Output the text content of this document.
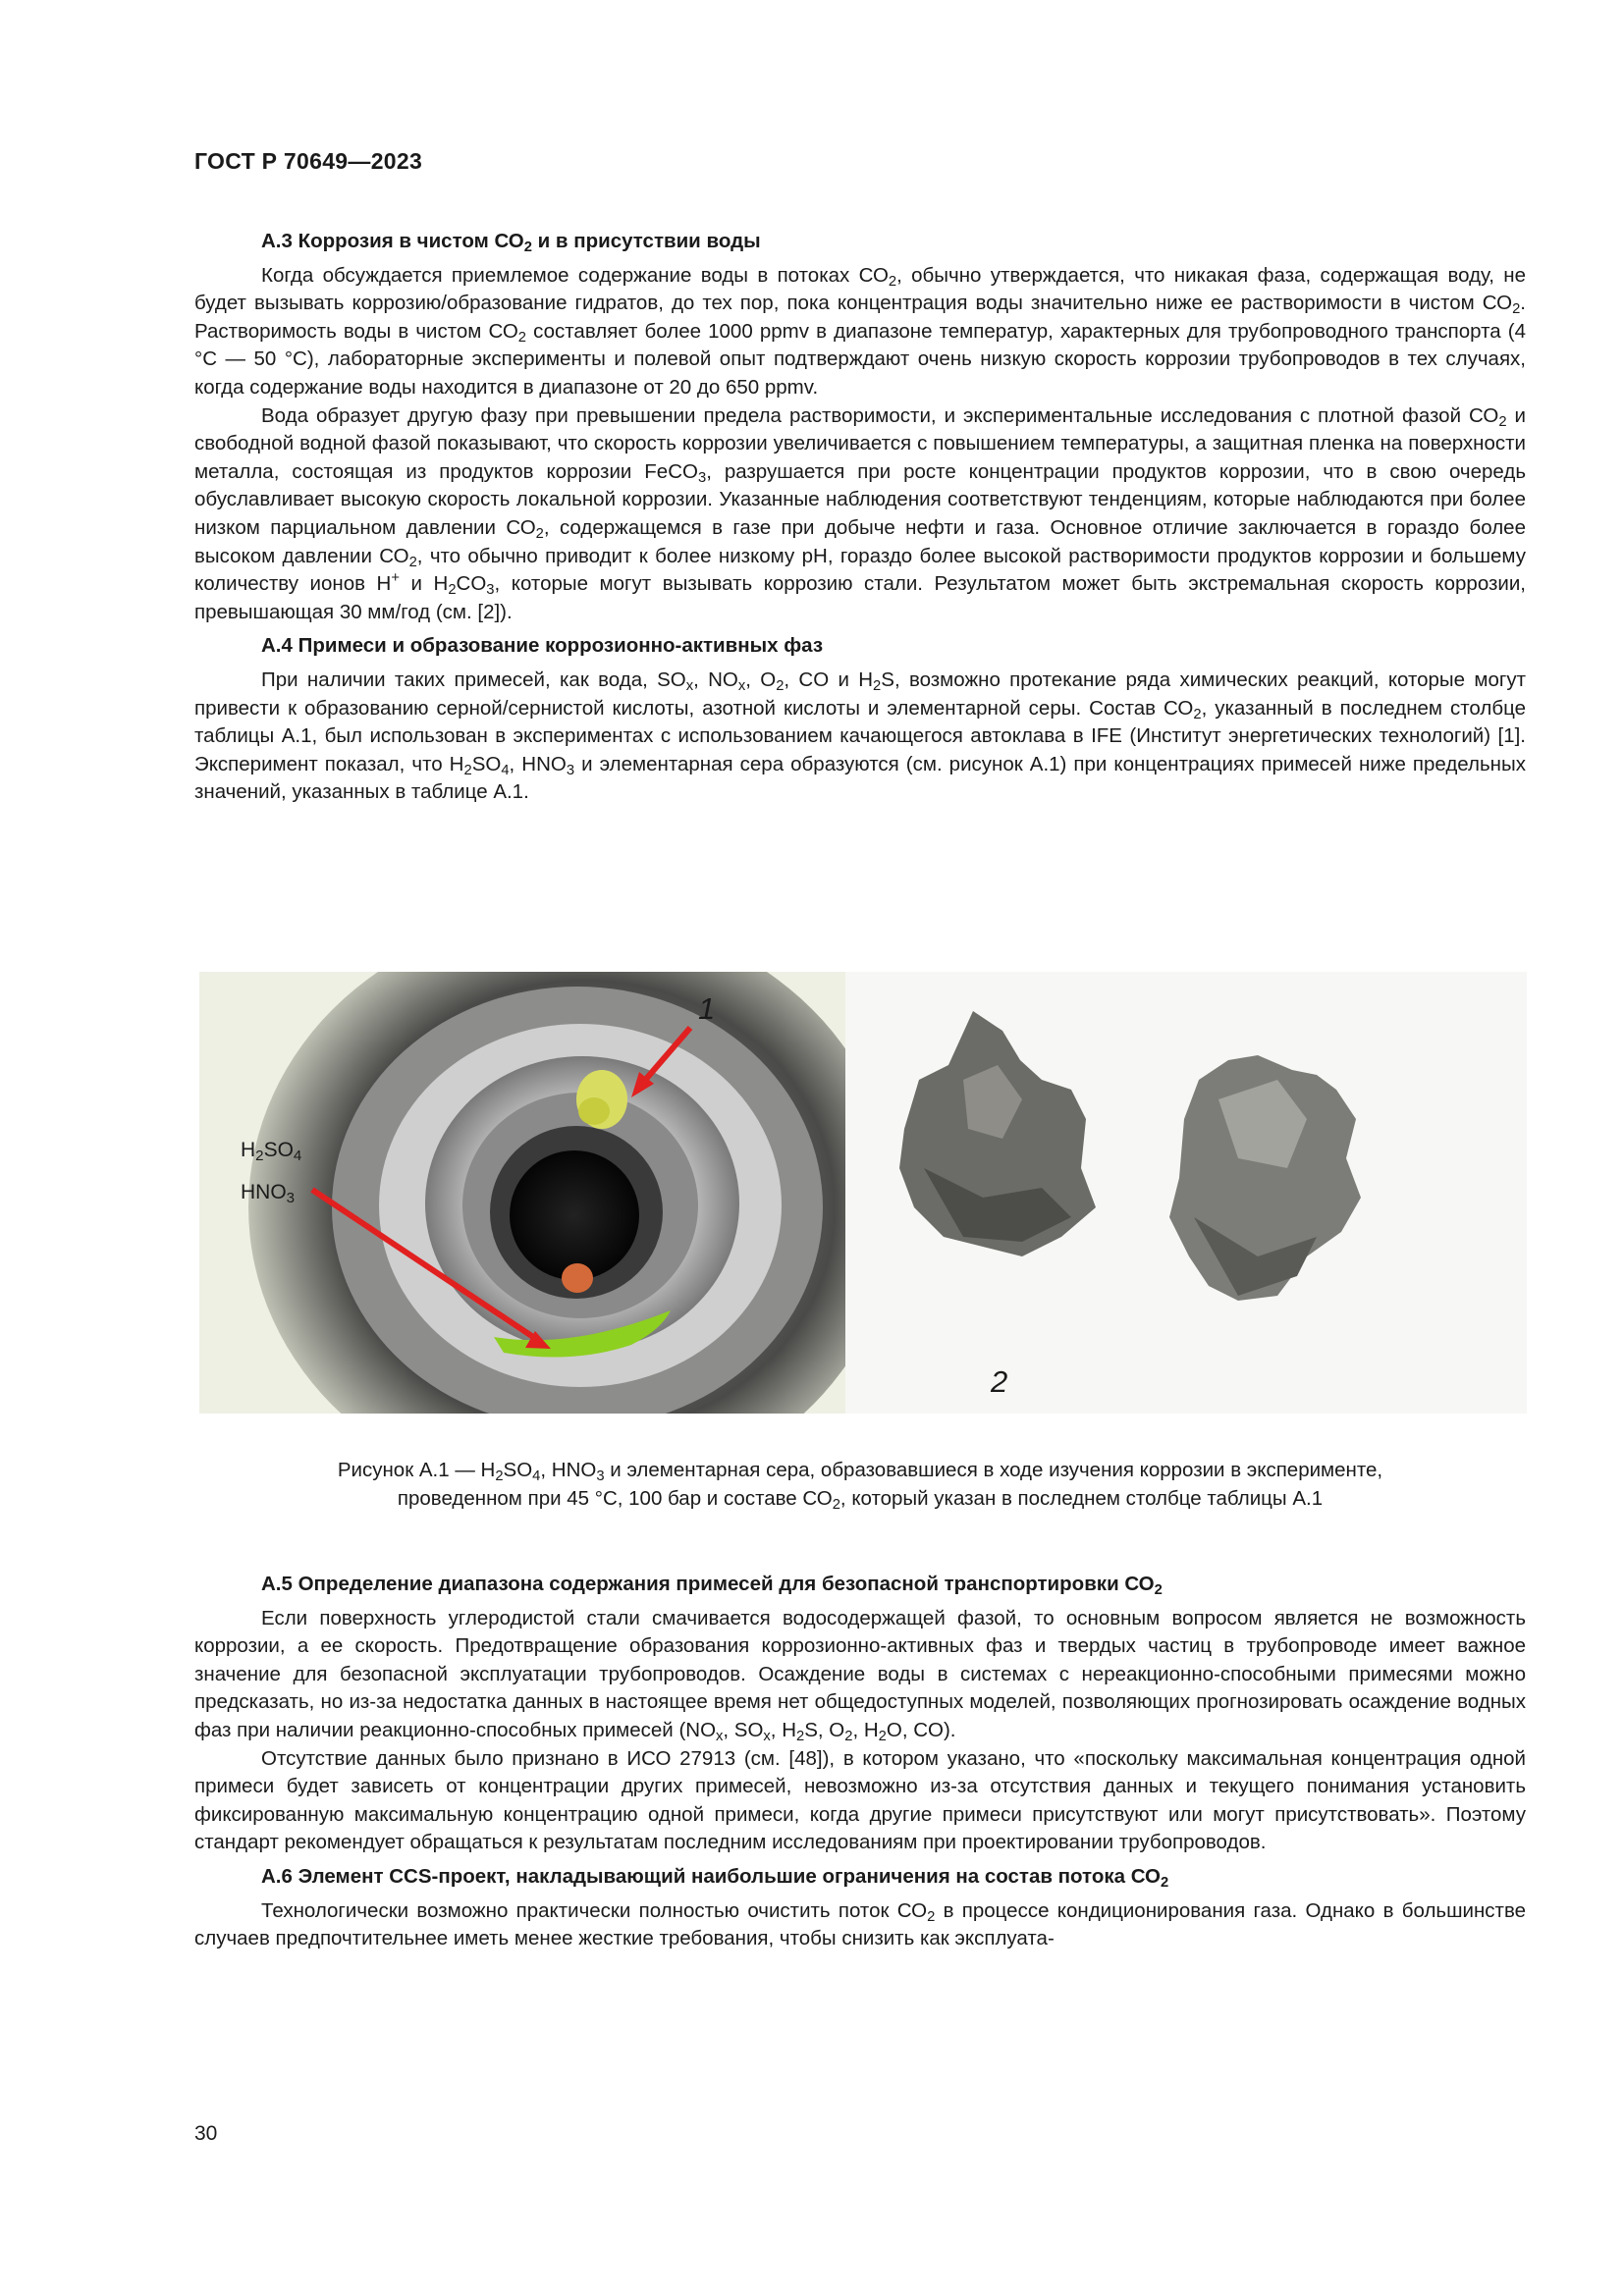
ГОСТ Р 70649—2023

А.3 Коррозия в чистом $СО_2$ и в присутствии воды

Когда обсуждается приемлемое содержание воды в потоках $СО_2$, обычно утверждается, что никакая фаза, содержащая воду, не будет вызывать коррозию/образование гидратов, до тех пор, пока концентрация воды значительно ниже ее растворимости в чистом $СО_2$. Растворимость воды в чистом $СО_2$ составляет более 1000 ppmv в диапазоне температур, характерных для трубопроводного транспорта (4 °С — 50 °С), лабораторные эксперименты и полевой опыт подтверждают очень низкую скорость коррозии трубопроводов в тех случаях, когда содержание воды находится в диапазоне от 20 до 650 ppmv.

Вода образует другую фазу при превышении предела растворимости, и экспериментальные исследования с плотной фазой $СО_2$ и свободной водной фазой показывают, что скорость коррозии увеличивается с повышением температуры, а защитная пленка на поверхности металла, состоящая из продуктов коррозии FeCO$_3$, разрушается при росте концентрации продуктов коррозии, что в свою очередь обуславливает высокую скорость локальной коррозии. Указанные наблюдения соответствуют тенденциям, которые наблюдаются при более низком парциальном давлении $СО_2$, содержащемся в газе при добыче нефти и газа. Основное отличие заключается в гораздо более высоком давлении $СО_2$, что обычно приводит к более низкому pH, гораздо более высокой растворимости продуктов коррозии и большему количеству ионов H+ и $H_2CO_3$, которые могут вызывать коррозию стали. Результатом может быть экстремальная скорость коррозии, превышающая 30 мм/год (см. [2]).

А.4 Примеси и образование коррозионно-активных фаз

При наличии таких примесей, как вода, $SO_x$, $NO_x$, $O_2$, CO и $H_2S$, возможно протекание ряда химических реакций, которые могут привести к образованию серной/сернистой кислоты, азотной кислоты и элементарной серы. Состав $СО_2$, указанный в последнем столбце таблицы А.1, был использован в экспериментах с использованием качающегося автоклава в IFE (Институт энергетических технологий) [1]. Эксперимент показал, что $H_2SO_4$, $HNO_3$ и элементарная сера образуются (см. рисунок А.1) при концентрациях примесей ниже предельных значений, указанных в таблице А.1.

$H_2SO_4$
$HNO_3$
1
2
Рисунок А.1 — $H_2SO_4$, $HNO_3$ и элементарная сера, образовавшиеся в ходе изучения коррозии в эксперименте,
проведенном при 45 °С, 100 бар и составе $СО_2$, который указан в последнем столбце таблицы А.1

А.5 Определение диапазона содержания примесей для безопасной транспортировки $СО_2$

Если поверхность углеродистой стали смачивается водосодержащей фазой, то основным вопросом является не возможность коррозии, а ее скорость. Предотвращение образования коррозионно-активных фаз и твердых частиц в трубопроводе имеет важное значение для безопасной эксплуатации трубопроводов. Осаждение воды в системах с нереакционно-способными примесями можно предсказать, но из-за недостатка данных в настоящее время нет общедоступных моделей, позволяющих прогнозировать осаждение водных фаз при наличии реакционно-способных примесей ($NO_x$, $SO_x$, $H_2S$, $O_2$, $H_2O$, CO).

Отсутствие данных было признано в ИСО 27913 (см. [48]), в котором указано, что «поскольку максимальная концентрация одной примеси будет зависеть от концентрации других примесей, невозможно из-за отсутствия данных и текущего понимания установить фиксированную максимальную концентрацию одной примеси, когда другие примеси присутствуют или могут присутствовать». Поэтому стандарт рекомендует обращаться к результатам последним исследованиям при проектировании трубопроводов.

А.6 Элемент CCS-проект, накладывающий наибольшие ограничения на состав потока $СО_2$

Технологически возможно практически полностью очистить поток $СО_2$ в процессе кондиционирования газа. Однако в большинстве случаев предпочтительнее иметь менее жесткие требования, чтобы снизить как эксплуата-

30
